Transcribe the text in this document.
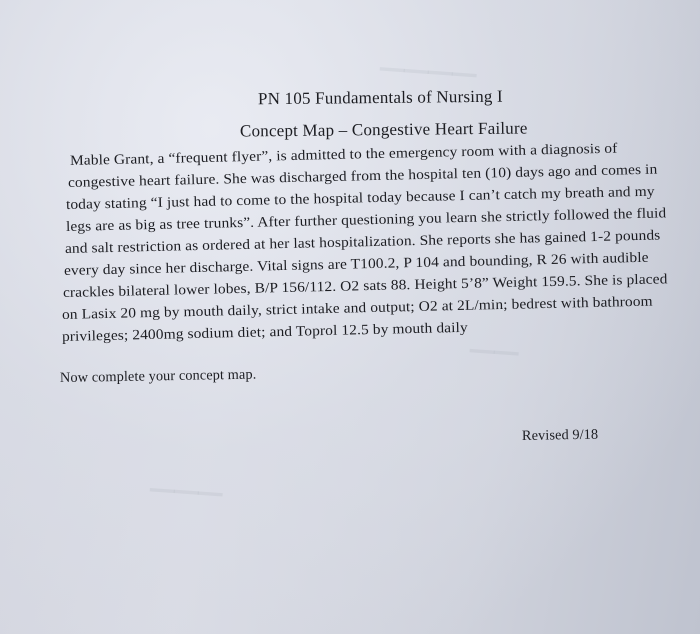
────
───
──
PN 105 Fundamentals of Nursing I
Concept Map – Congestive Heart Failure
Mable Grant, a “frequent flyer”, is admitted to the emergency room with a diagnosis of
congestive heart failure. She was discharged from the hospital ten (10) days ago and comes in
today stating “I just had to come to the hospital today because I can’t catch my breath and my
legs are as big as tree trunks”. After further questioning you learn she strictly followed the fluid
and salt restriction as ordered at her last hospitalization. She reports she has gained 1-2 pounds
every day since her discharge. Vital signs are T100.2, P 104 and bounding, R 26 with audible
crackles bilateral lower lobes, B/P 156/112. O2 sats 88. Height 5’8” Weight 159.5. She is placed
on Lasix 20 mg by mouth daily, strict intake and output; O2 at 2L/min; bedrest with bathroom
privileges; 2400mg sodium diet; and Toprol 12.5 by mouth daily
Now complete your concept map.
Revised 9/18
